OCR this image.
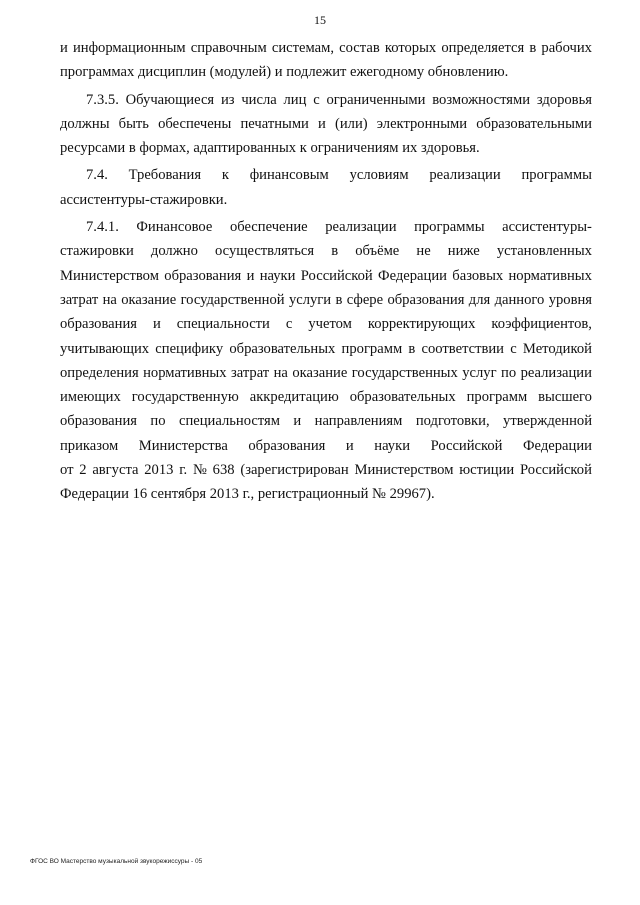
15
и информационным справочным системам, состав которых определяется в рабочих
программах дисциплин (модулей) и подлежит ежегодному обновлению.
7.3.5. Обучающиеся из числа лиц с ограниченными возможностями здоровья
должны быть обеспечены печатными и (или) электронными образовательными
ресурсами в формах, адаптированных к ограничениям их здоровья.
7.4. Требования к финансовым условиям реализации программы
ассистентуры-стажировки.
7.4.1. Финансовое обеспечение реализации программы ассистентуры-
стажировки должно осуществляться в объёме не ниже установленных
Министерством образования и науки Российской Федерации базовых нормативных
затрат на оказание государственной услуги в сфере образования для данного уровня
образования и специальности с учетом корректирующих коэффициентов,
учитывающих специфику образовательных программ в соответствии с Методикой
определения нормативных затрат на оказание государственных услуг по реализации
имеющих государственную аккредитацию образовательных программ высшего
образования по специальностям и направлениям подготовки, утвержденной
приказом Министерства образования и науки Российской Федерации
от 2 августа 2013 г. № 638 (зарегистрирован Министерством юстиции Российской
Федерации 16 сентября 2013 г., регистрационный № 29967).
ФГОС ВО Мастерство музыкальной звукорежиссуры - 05
